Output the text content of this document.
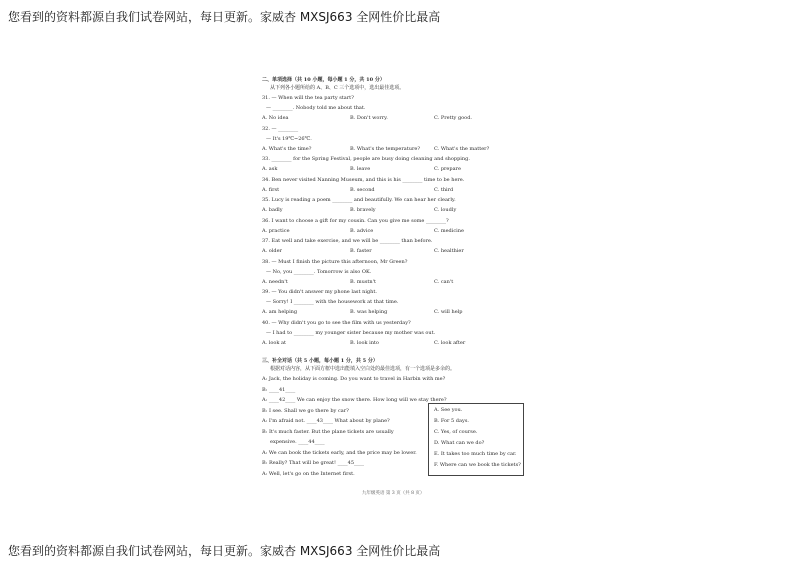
您看到的资料都源自我们试卷网站，每日更新。家威杏 MXSJ663 全网性价比最高
二、单项选择（共 10 小题，每小题 1 分，共 10 分）
从下列各小题所给的 A、B、C 三个选项中，选出最佳选项。
31. — When will the tea party start?
— ________. Nobody told me about that.
A. No idea	B. Don't worry.	C. Pretty good.
32. — ________
— It's 19℃~26℃.
A. What's the time?	B. What's the temperature?	C. What's the matter?
33. ________ for the Spring Festival, people are busy doing cleaning and shopping.
A. ask	B. leave	C. prepare
34. Ben never visited Nanning Museum, and this is his ________ time to be here.
A. first	B. second	C. third
35. Lucy is reading a poem ________ and beautifully. We can hear her clearly.
A. badly	B. bravely	C. loudly
36. I want to choose a gift for my cousin. Can you give me some ________?
A. practice	B. advice	C. medicine
37. Eat well and take exercise, and we will be ________ than before.
A. older	B. faster	C. healthier
38. — Must I finish the picture this afternoon, Mr Green?
— No, you ________. Tomorrow is also OK.
A. needn't	B. mustn't	C. can't
39. — You didn't answer my phone last night.
— Sorry! I ________ with the housework at that time.
A. am helping	B. was helping	C. will help
40. — Why didn't you go to see the film with us yesterday?
— I had to ________ my younger sister because my mother was out.
A. look at	B. look into	C. look after
三、补全对话（共 5 小题，每小题 1 分，共 5 分）
根据对话内容，从下面方框中选出能填入空白处的最佳选项，有一个选项是多余的。
A: Jack, the holiday is coming. Do you want to travel in Harbin with me?
B: ____41____
A: ____42____ We can enjoy the snow there. How long will we stay there?
B: I see. Shall we go there by car?
A: I'm afraid not. ____43____ What about by plane?
B: It's much faster. But the plane tickets are usually
expensive. ____44____
A: We can book the tickets early, and the price may be lower.
B: Really? That will be great! ____45____
A: Well, let's go on the Internet first.
A. See you.
B. For 5 days.
C. Yes, of course.
D. What can we do?
E. It takes too much time by car.
F. Where can we book the tickets?
九年级英语 第 3 页（共 8 页）
您看到的资料都源自我们试卷网站，每日更新。家威杏 MXSJ663 全网性价比最高
